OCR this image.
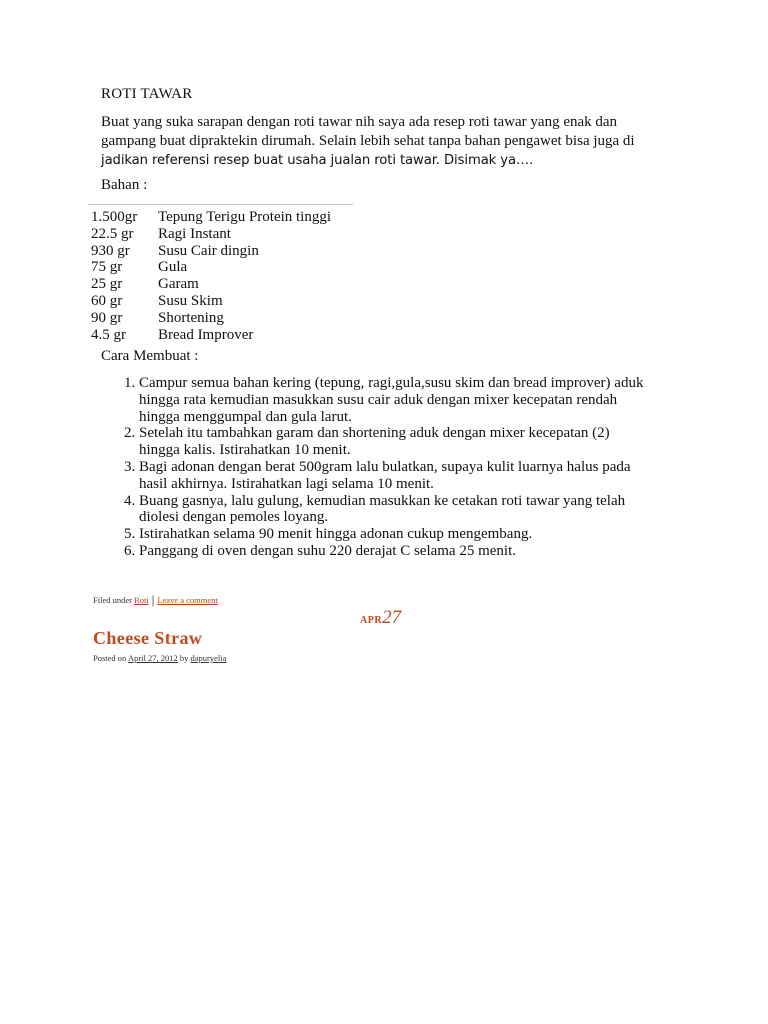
ROTI TAWAR
Buat yang suka sarapan dengan roti tawar nih saya ada resep roti tawar yang enak dan
gampang buat dipraktekin dirumah. Selain lebih sehat tanpa bahan pengawet bisa juga di
jadikan referensi resep buat usaha jualan roti tawar. Disimak ya….
Bahan :
1.500gr	Tepung Terigu Protein tinggi
22.5 gr	Ragi Instant
930 gr	Susu Cair dingin
75 gr	Gula
25 gr	Garam
60 gr	Susu Skim
90 gr	Shortening
4.5 gr	Bread Improver
Cara Membuat :
1. Campur semua bahan kering (tepung, ragi,gula,susu skim dan bread improver) aduk
hingga rata kemudian masukkan susu cair aduk dengan mixer kecepatan rendah
hingga menggumpal dan gula larut.
2. Setelah itu tambahkan garam dan shortening aduk dengan mixer kecepatan (2)
hingga kalis. Istirahatkan 10 menit.
3. Bagi adonan dengan berat 500gram lalu bulatkan, supaya kulit luarnya halus pada
hasil akhirnya. Istirahatkan lagi selama 10 menit.
4. Buang gasnya, lalu gulung, kemudian masukkan ke cetakan roti tawar yang telah
diolesi dengan pemoles loyang.
5. Istirahatkan selama 90 menit hingga adonan cukup mengembang.
6. Panggang di oven dengan suhu 220 derajat C selama 25 menit.
Filed under Roti | Leave a comment
APR27
Cheese Straw
Posted on April 27, 2012 by dapuryelia
